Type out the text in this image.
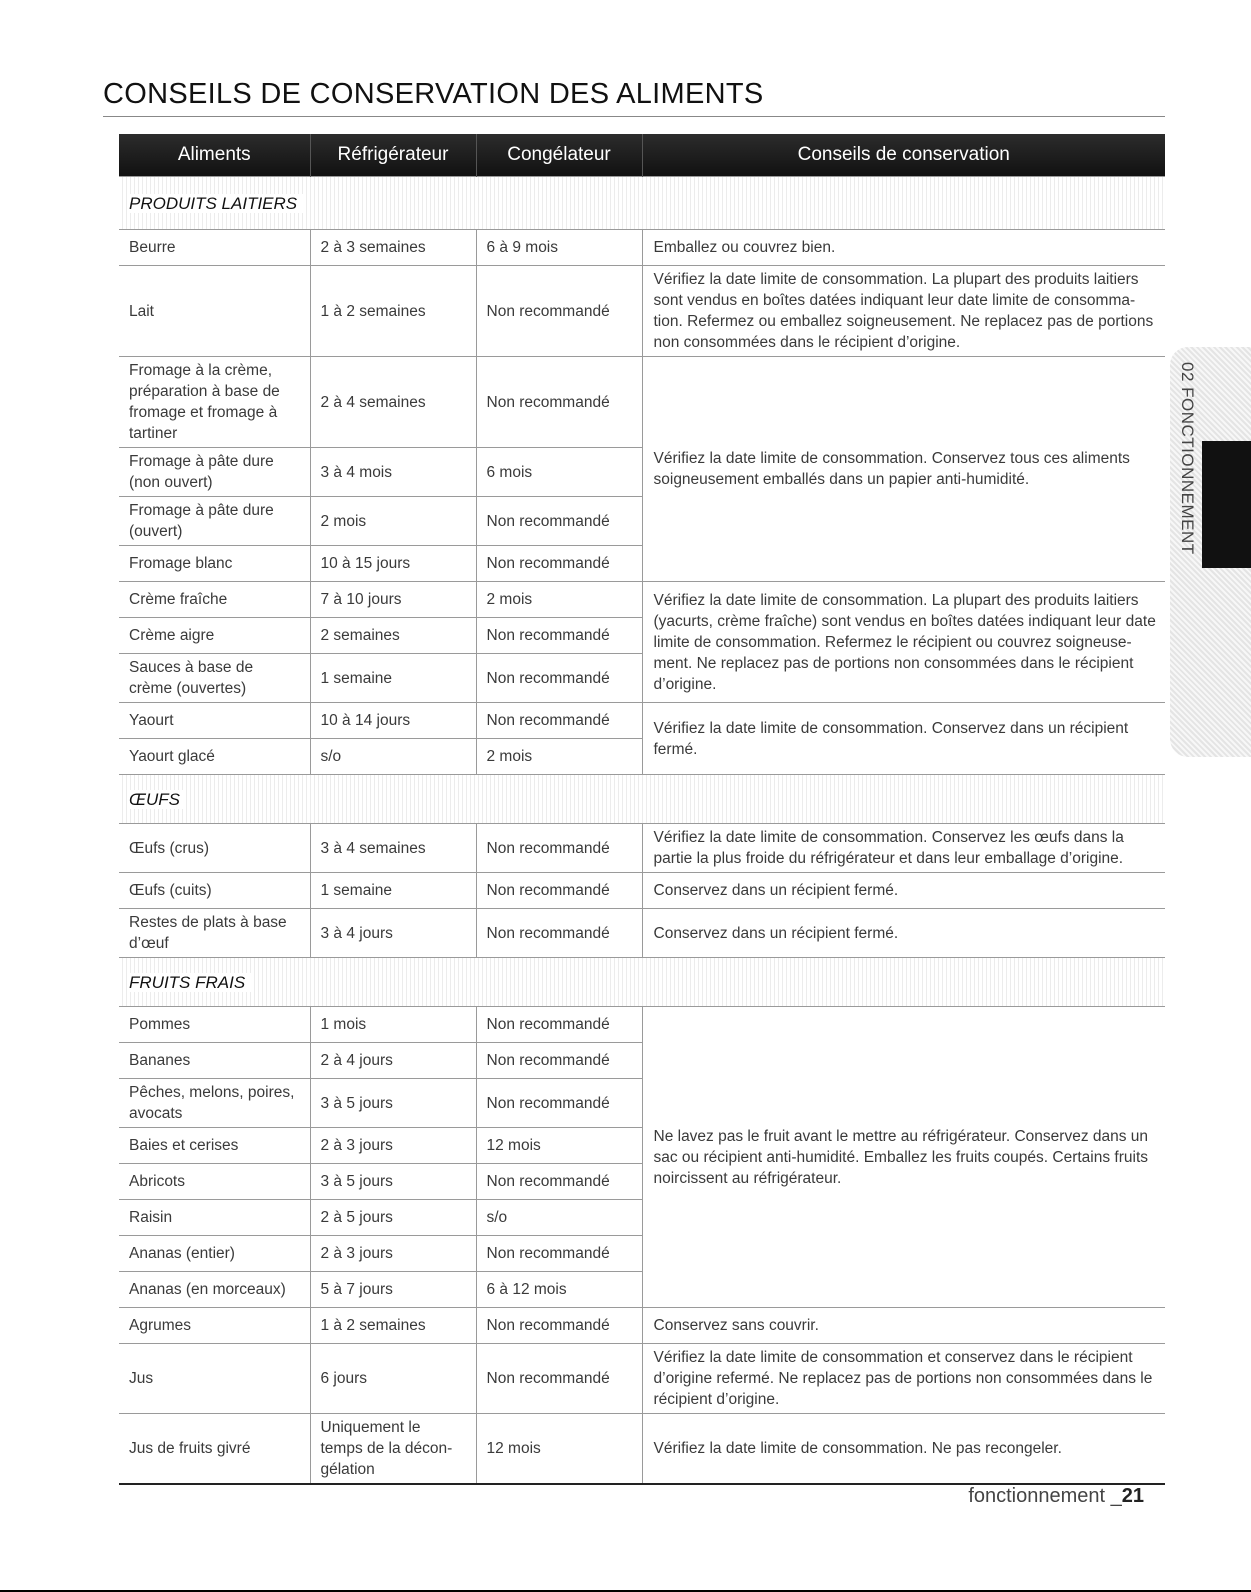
CONSEILS DE CONSERVATION DES ALIMENTS
02 FONCTIONNEMENT
Aliments	Réfrigérateur	Congélateur	Conseils de conservation
PRODUITS LAITIERS			
Beurre	2 à 3 semaines	6 à 9 mois	Emballez ou couvrez bien.
Lait	1 à 2 semaines	Non recommandé	Vérifiez la date limite de consommation. La plupart des produits laitiers sont vendus en boîtes datées indiquant leur date limite de consomma-tion. Refermez ou emballez soigneusement. Ne replacez pas de portions non consommées dans le récipient d’origine.
Fromage à la crème, préparation à base de fromage et fromage à tartiner	2 à 4 semaines	Non recommandé	Vérifiez la date limite de consommation. Conservez tous ces aliments soigneusement emballés dans un papier anti-humidité.
Fromage à pâte dure (non ouvert)	3 à 4 mois	6 mois	
Fromage à pâte dure (ouvert)	2 mois	Non recommandé	
Fromage blanc	10 à 15 jours	Non recommandé	
Crème fraîche	7 à 10 jours	2 mois	Vérifiez la date limite de consommation. La plupart des produits laitiers (yacurts, crème fraîche) sont vendus en boîtes datées indiquant leur date limite de consommation. Refermez le récipient ou couvrez soigneuse-ment. Ne replacez pas de portions non consommées dans le récipient d’origine.
Crème aigre	2 semaines	Non recommandé	
Sauces à base de crème (ouvertes)	1 semaine	Non recommandé	
Yaourt	10 à 14 jours	Non recommandé	Vérifiez la date limite de consommation. Conservez dans un récipient fermé.
Yaourt glacé	s/o	2 mois	
ŒUFS			
Œufs (crus)	3 à 4 semaines	Non recommandé	Vérifiez la date limite de consommation. Conservez les œufs dans la partie la plus froide du réfrigérateur et dans leur emballage d’origine.
Œufs (cuits)	1 semaine	Non recommandé	Conservez dans un récipient fermé.
Restes de plats à base d’œuf	3 à 4 jours	Non recommandé	Conservez dans un récipient fermé.
FRUITS FRAIS			
Pommes	1 mois	Non recommandé	Ne lavez pas le fruit avant le mettre au réfrigérateur. Conservez dans un sac ou récipient anti-humidité. Emballez les fruits coupés. Certains fruits noircissent au réfrigérateur.
Bananes	2 à 4 jours	Non recommandé	
Pêches, melons, poires, avocats	3 à 5 jours	Non recommandé	
Baies et cerises	2 à 3 jours	12 mois	
Abricots	3 à 5 jours	Non recommandé	
Raisin	2 à 5 jours	s/o	
Ananas (entier)	2 à 3 jours	Non recommandé	
Ananas (en morceaux)	5 à 7 jours	6 à 12 mois	
Agrumes	1 à 2 semaines	Non recommandé	Conservez sans couvrir.
Jus	6 jours	Non recommandé	Vérifiez la date limite de consommation et conservez dans le récipient d’origine refermé. Ne replacez pas de portions non consommées dans le récipient d’origine.
Jus de fruits givré	Uniquement le temps de la décon-gélation	12 mois	Vérifiez la date limite de consommation. Ne pas recongeler.
fonctionnement _21
